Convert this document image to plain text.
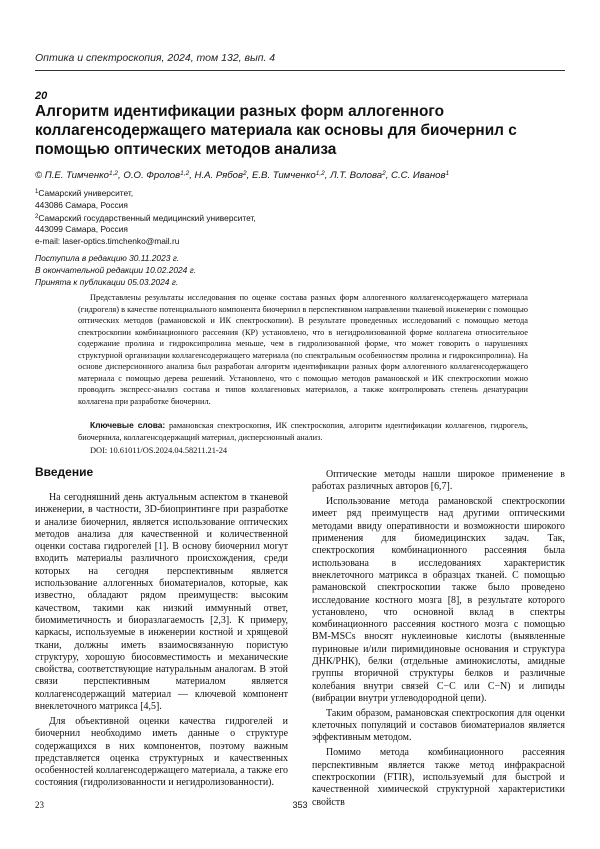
Оптика и спектроскопия, 2024, том 132, вып. 4
20
Алгоритм идентификации разных форм аллогенного коллагенсодержащего материала как основы для биочернил с помощью оптических методов анализа
© П.Е. Тимченко$^{1,2}$, О.О. Фролов$^{1,2}$, Н.А. Рябов$^2$, Е.В. Тимченко$^{1,2}$, Л.Т. Волова$^2$, С.С. Иванов$^1$
$^1$Самарский университет,
443086 Самара, Россия
$^2$Самарский государственный медицинский университет,
443099 Самара, Россия
e-mail: laser-optics.timchenko@mail.ru
Поступила в редакцию 30.11.2023 г.
В окончательной редакции 10.02.2024 г.
Принята к публикации 05.03.2024 г.
Представлены результаты исследования по оценке состава разных форм аллогенного коллагенсодержащего материала (гидрогеля) в качестве потенциального компонента биочернил в перспективном направлении тканевой инженерии с помощью оптических методов (рамановской и ИК спектроскопии). В результате проведенных исследований с помощью метода спектроскопии комбинационного рассеяния (КР) установлено, что в негидролизованной форме коллагена относительное содержание пролина и гидроксипролина меньше, чем в гидролизованной форме, что может говорить о нарушениях структурной организации коллагенсодержащего материала (по спектральным особенностям пролина и гидроксипролина). На основе дисперсионного анализа был разработан алгоритм идентификации разных форм аллогенного коллагенсодержащего материала с помощью дерева решений. Установлено, что с помощью методов рамановской и ИК спектроскопии можно проводить экспресс-анализ состава и типов коллагеновых материалов, а также контролировать степень денатурации коллагена при разработке биочернил.
Ключевые слова: рамановская спектроскопия, ИК спектроскопия, алгоритм идентификации коллагенов, гидрогель, биочернила, коллагенсодержащий материал, дисперсионный анализ.
DOI: 10.61011/OS.2024.04.58211.21-24
Введение

На сегодняшний день актуальным аспектом в тканевой инженерии, в частности, 3D-биопринтинге при разработке и анализе биочернил, является использование оптических методов анализа для качественной и количественной оценки состава гидрогелей [1]. В основу биочернил могут входить материалы различного происхождения, среди которых на сегодня перспективным является использование аллогенных биоматериалов, которые, как известно, обладают рядом преимуществ: высоким качеством, такими как низкий иммунный ответ, биомиметичность и биоразлагаемость [2,3]. К примеру, каркасы, используемые в инженерии костной и хрящевой ткани, должны иметь взаимосвязанную пористую структуру, хорошую биосовместимость и механические свойства, соответствующие натуральным аналогам. В этой связи перспективным материалом является коллагенсодержащий материал — ключевой компонент внеклеточного матрикса [4,5].

Для объективной оценки качества гидрогелей и биочернил необходимо иметь данные о структуре содержащихся в них компонентов, поэтому важным представляется оценка структурных и качественных особенностей коллагенсодержащего материала, а также его состояния (гидролизованности и негидролизованности).

Оптические методы нашли широкое применение в работах различных авторов [6,7].

Использование метода рамановской спектроскопии имеет ряд преимуществ над другими оптическими методами ввиду оперативности и возможности широкого применения для биомедицинских задач. Так, спектроскопия комбинационного рассеяния была использована в исследованиях характеристик внеклеточного матрикса в образцах тканей. С помощью рамановской спектроскопии также было проведено исследование костного мозга [8], в результате которого установлено, что основной вклад в спектры комбинационного рассеяния костного мозга с помощью BM-MSCs вносят нуклеиновые кислоты (выявленные пуриновые и/или пиримидиновые основания и структура ДНК/РНК), белки (отдельные аминокислоты, амидные группы вторичной структуры белков и различные колебания внутри связей C−C или C−N) и липиды (вибрации внутри углеводородной цепи).

Таким образом, рамановская спектроскопия для оценки клеточных популяций и составов биоматериалов является эффективным методом.

Помимо метода комбинационного рассеяния перспективным является также метод инфракрасной спектроскопии (FTIR), используемый для быстрой и качественной химической структурной характеристики свойств

23	353
